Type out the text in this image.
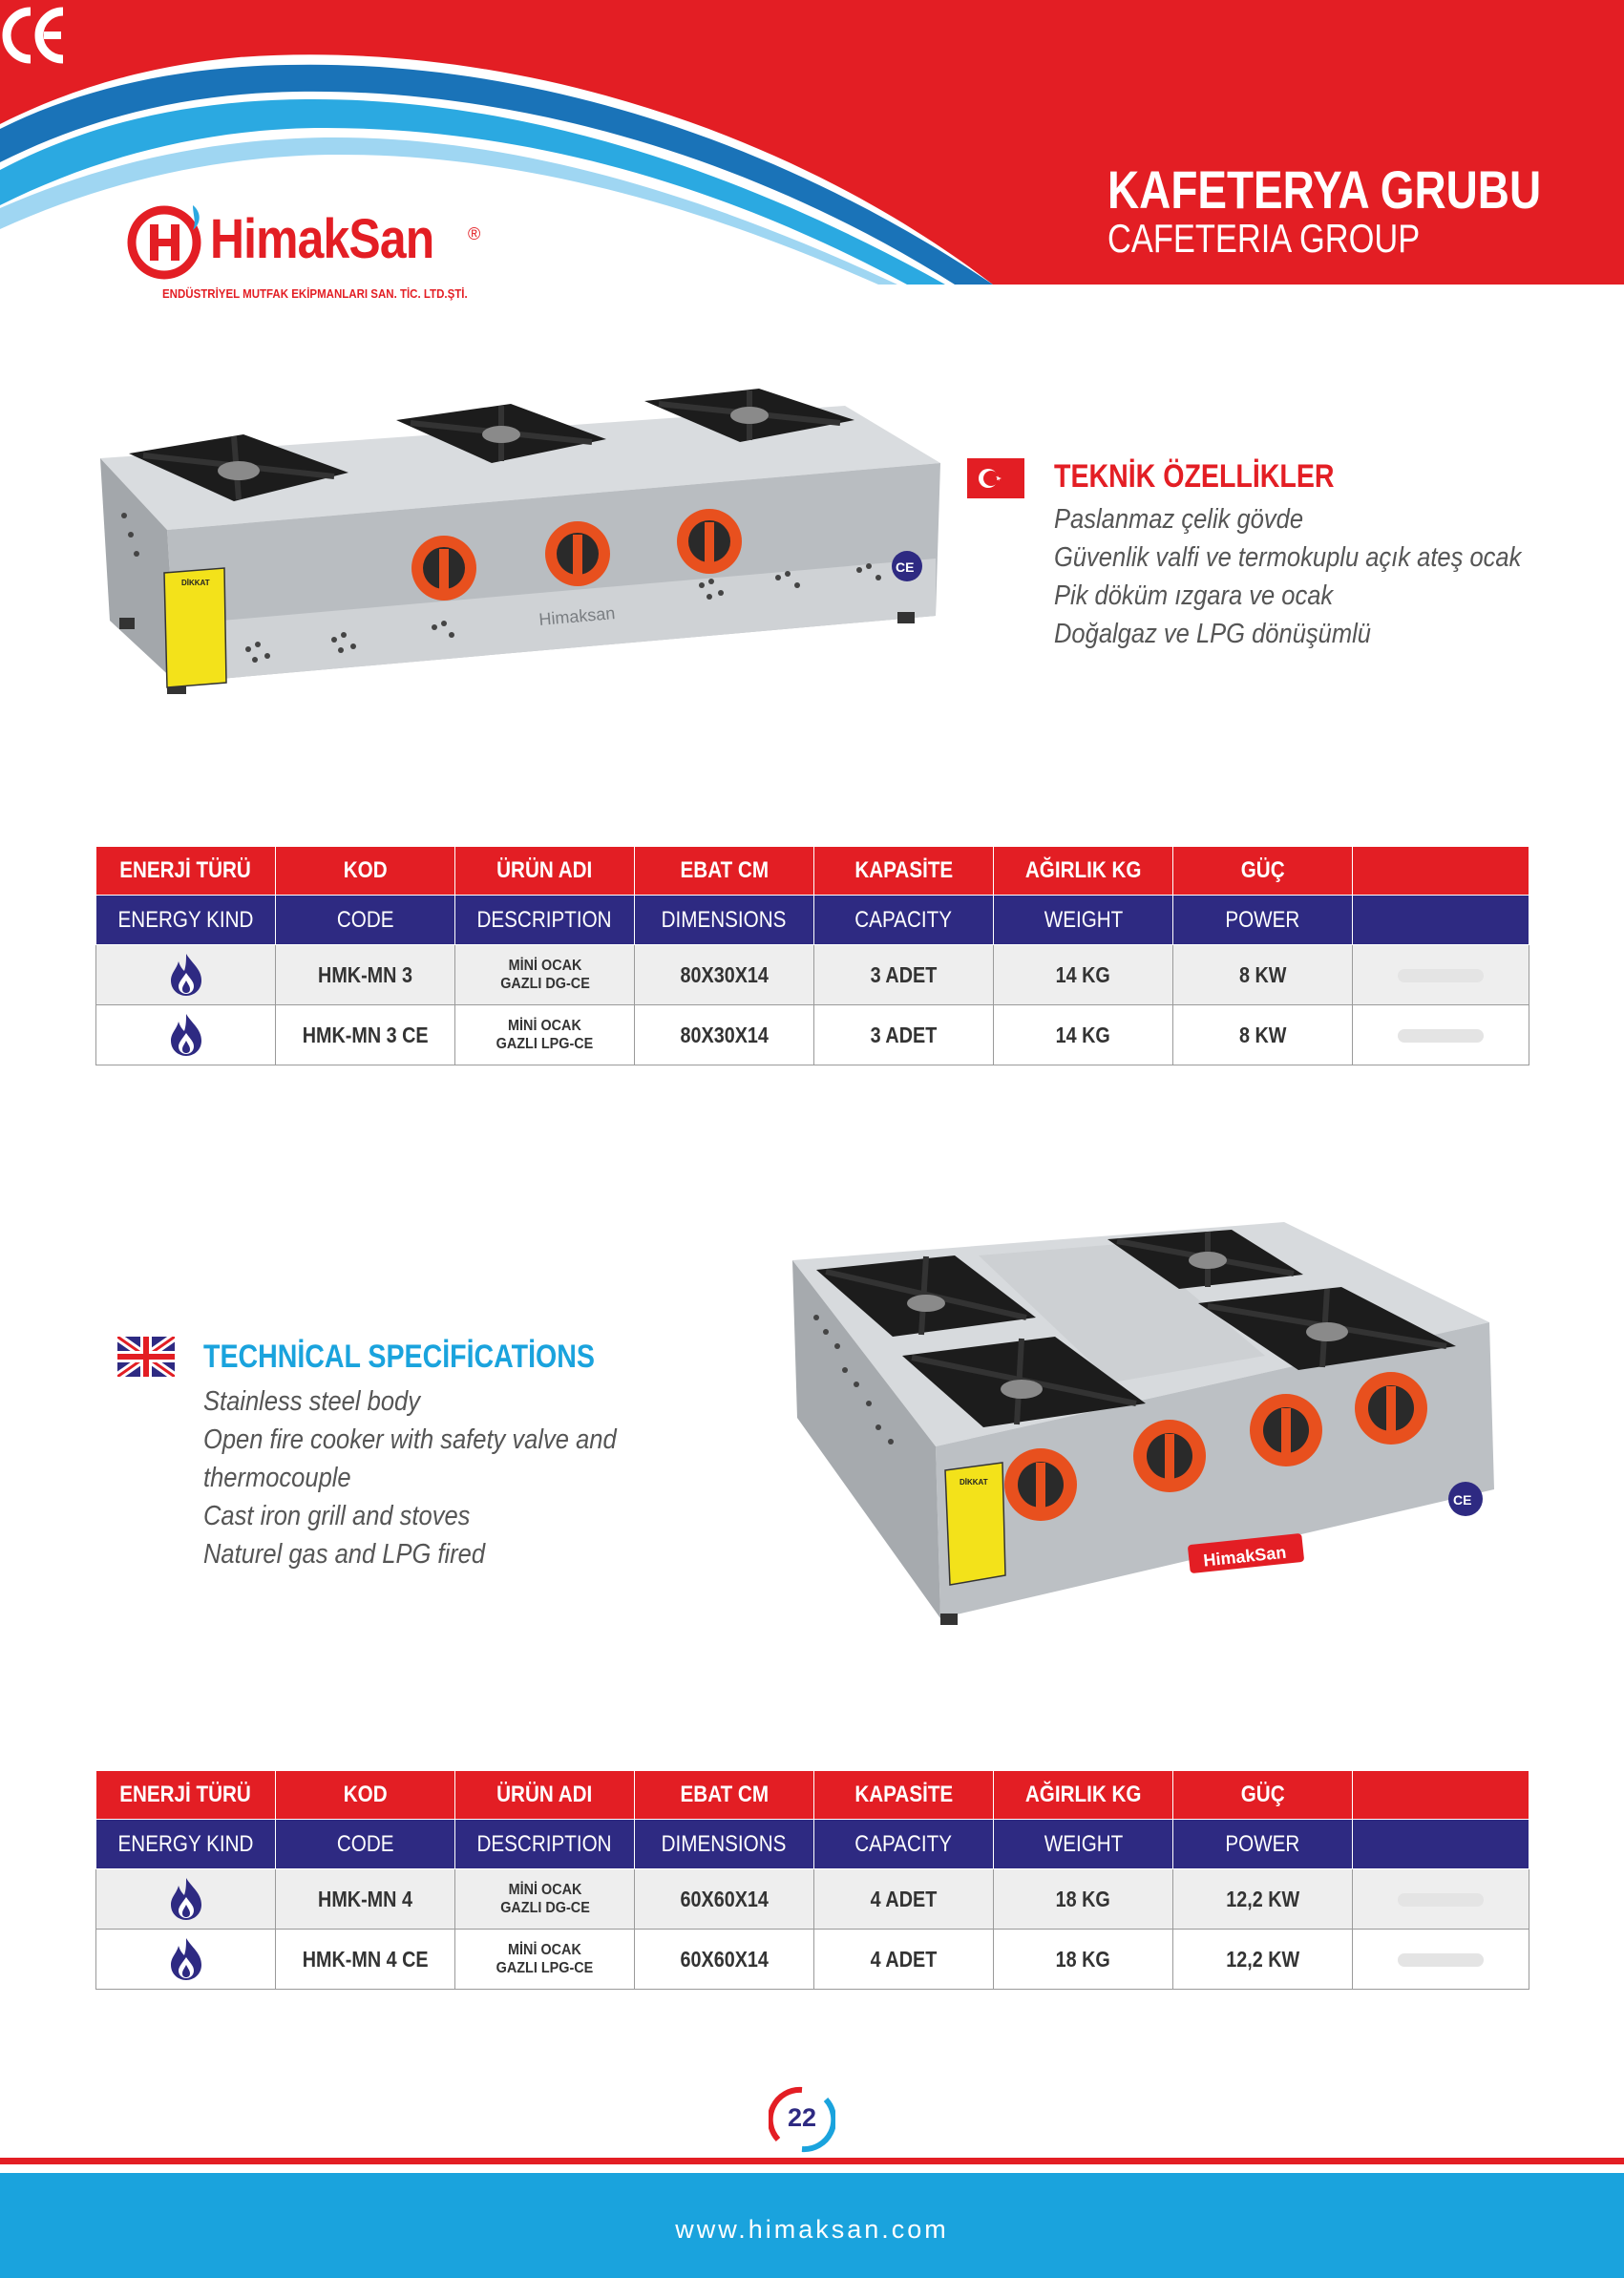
HimakSan ®
ENDÜSTRİYEL MUTFAK EKİPMANLARI SAN. TİC. LTD.ŞTİ.
KAFETERYA GRUBU
CAFETERIA GROUP
DİKKAT
Himaksan
CE
TEKNİK ÖZELLİKLER
Paslanmaz çelik gövde
Güvenlik valfi ve termokuplu açık ateş ocak
Pik döküm ızgara ve ocak
Doğalgaz ve LPG dönüşümlü
ENERJİ TÜRÜ	KOD	ÜRÜN ADI	EBAT CM	KAPASİTE	AĞIRLIK KG	GÜÇ	
ENERGY KIND	CODE	DESCRIPTION	DIMENSIONS	CAPACITY	WEIGHT	POWER	
	HMK-MN 3	MİNİ OCAK
GAZLI DG-CE	80X30X14	3 ADET	14 KG	8 KW	
	HMK-MN 3 CE	MİNİ OCAK
GAZLI LPG-CE	80X30X14	3 ADET	14 KG	8 KW	
TECHNİCAL SPECİFİCATİONS
Stainless steel body
Open fire cooker with safety valve and
thermocouple
Cast iron grill and stoves
Naturel gas and LPG fired
DİKKAT
HimakSan
CE
ENERJİ TÜRÜ	KOD	ÜRÜN ADI	EBAT CM	KAPASİTE	AĞIRLIK KG	GÜÇ	
ENERGY KIND	CODE	DESCRIPTION	DIMENSIONS	CAPACITY	WEIGHT	POWER	
	HMK-MN 4	MİNİ OCAK
GAZLI DG-CE	60X60X14	4 ADET	18 KG	12,2 KW	
	HMK-MN 4 CE	MİNİ OCAK
GAZLI LPG-CE	60X60X14	4 ADET	18 KG	12,2 KW	
22
www.himaksan.com
